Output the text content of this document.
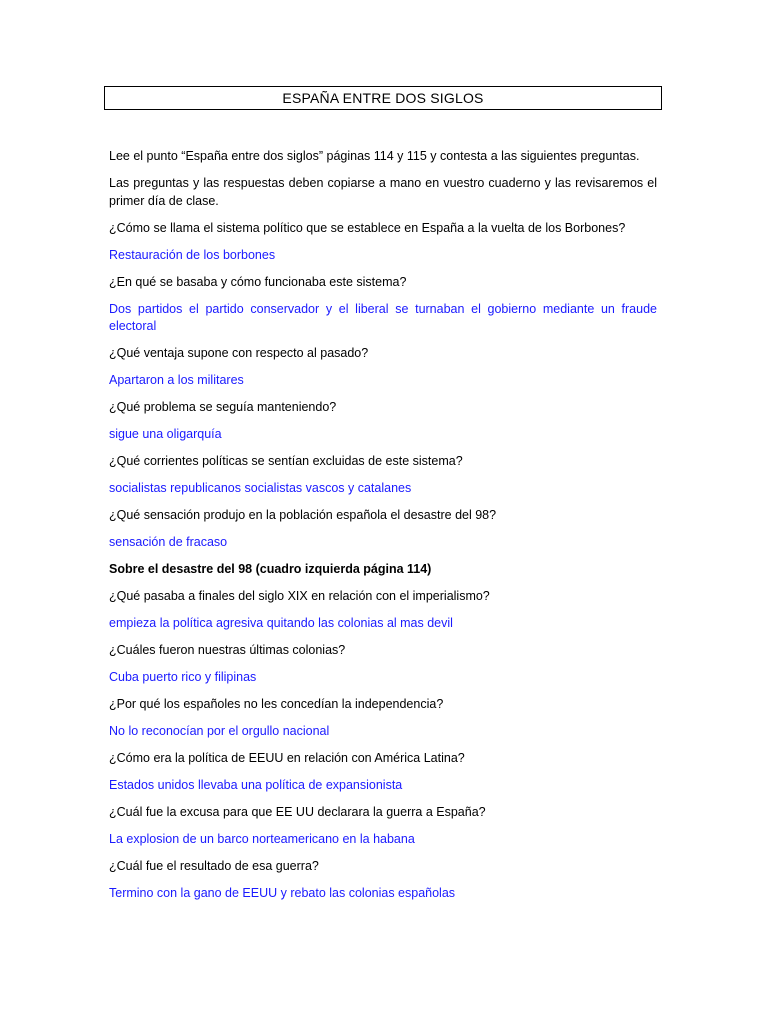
ESPAÑA ENTRE DOS SIGLOS

Lee el punto “España entre dos siglos” páginas 114 y 115 y contesta a las siguientes preguntas.

Las preguntas y las respuestas deben copiarse a mano en vuestro cuaderno y las revisaremos el primer día de clase.

¿Cómo se llama el sistema político que se establece en España a la vuelta de los Borbones?

Restauración de los borbones

¿En qué se basaba y cómo funcionaba este sistema?

Dos partidos el partido conservador y el liberal se turnaban el gobierno mediante un fraude electoral

¿Qué ventaja supone con respecto al pasado?

Apartaron a los militares

¿Qué problema se seguía manteniendo?

sigue una oligarquía

¿Qué corrientes políticas se sentían excluidas de este sistema?

socialistas republicanos socialistas vascos y catalanes

¿Qué sensación produjo en la población española el desastre del 98?

sensación de fracaso

Sobre el desastre del 98 (cuadro izquierda página 114)

¿Qué pasaba a finales del siglo XIX en relación con el imperialismo?

empieza la política agresiva quitando las colonias al mas devil

¿Cuáles fueron nuestras últimas colonias?

Cuba puerto rico y filipinas

¿Por qué los españoles no les concedían la independencia?

No lo reconocían por el orgullo nacional

¿Cómo era la política de EEUU en relación con América Latina?

Estados unidos llevaba una política de expansionista

¿Cuál fue la excusa para que EE UU declarara la guerra a España?

La explosion de un barco norteamericano en la habana

¿Cuál fue el resultado de esa guerra?

Termino con la gano de EEUU y rebato las colonias españolas
